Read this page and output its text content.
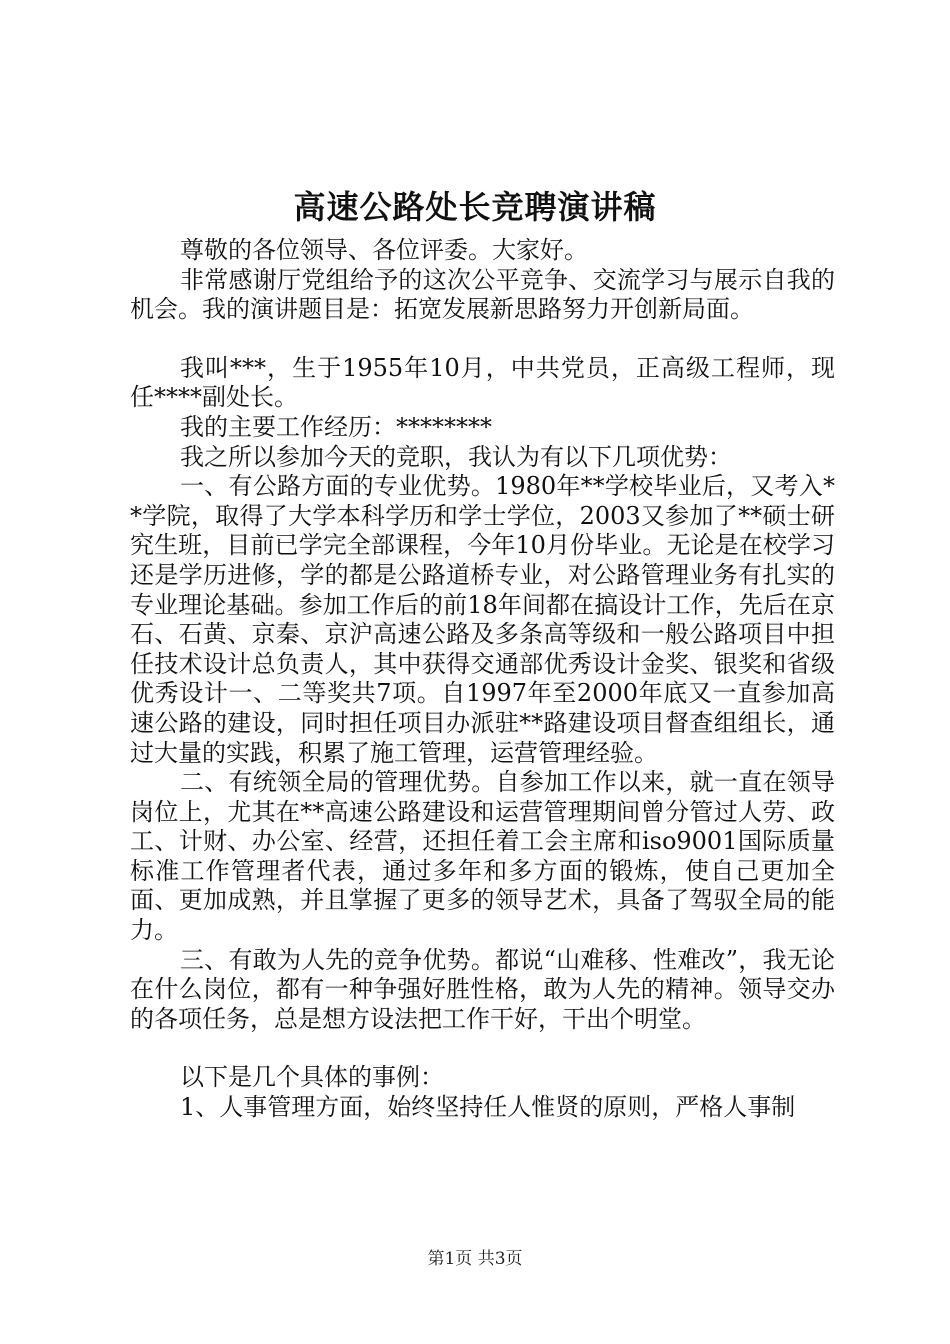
高速公路处长竞聘演讲稿

尊敬的各位领导、各位评委。大家好。

非常感谢厅党组给予的这次公平竞争、交流学习与展示自我的机会。我的演讲题目是：拓宽发展新思路努力开创新局面。

我叫***，生于1955年10月，中共党员，正高级工程师，现任****副处长。

我的主要工作经历：********

我之所以参加今天的竞职，我认为有以下几项优势：

一、有公路方面的专业优势。1980年**学校毕业后，又考入**学院，取得了大学本科学历和学士学位，2003又参加了**硕士研究生班，目前已学完全部课程，今年10月份毕业。无论是在校学习还是学历进修，学的都是公路道桥专业，对公路管理业务有扎实的专业理论基础。参加工作后的前18年间都在搞设计工作，先后在京石、石黄、京秦、京沪高速公路及多条高等级和一般公路项目中担任技术设计总负责人，其中获得交通部优秀设计金奖、银奖和省级优秀设计一、二等奖共7项。自1997年至2000年底又一直参加高速公路的建设，同时担任项目办派驻**路建设项目督查组组长，通过大量的实践，积累了施工管理，运营管理经验。

二、有统领全局的管理优势。自参加工作以来，就一直在领导岗位上，尤其在**高速公路建设和运营管理期间曾分管过人劳、政工、计财、办公室、经营，还担任着工会主席和iso9001国际质量标准工作管理者代表，通过多年和多方面的锻炼，使自己更加全面、更加成熟，并且掌握了更多的领导艺术，具备了驾驭全局的能力。

三、有敢为人先的竞争优势。都说“山难移、性难改”，我无论在什么岗位，都有一种争强好胜性格，敢为人先的精神。领导交办的各项任务，总是想方设法把工作干好，干出个明堂。

以下是几个具体的事例：

1、人事管理方面，始终坚持任人惟贤的原则，严格人事制

第1页 共3页
